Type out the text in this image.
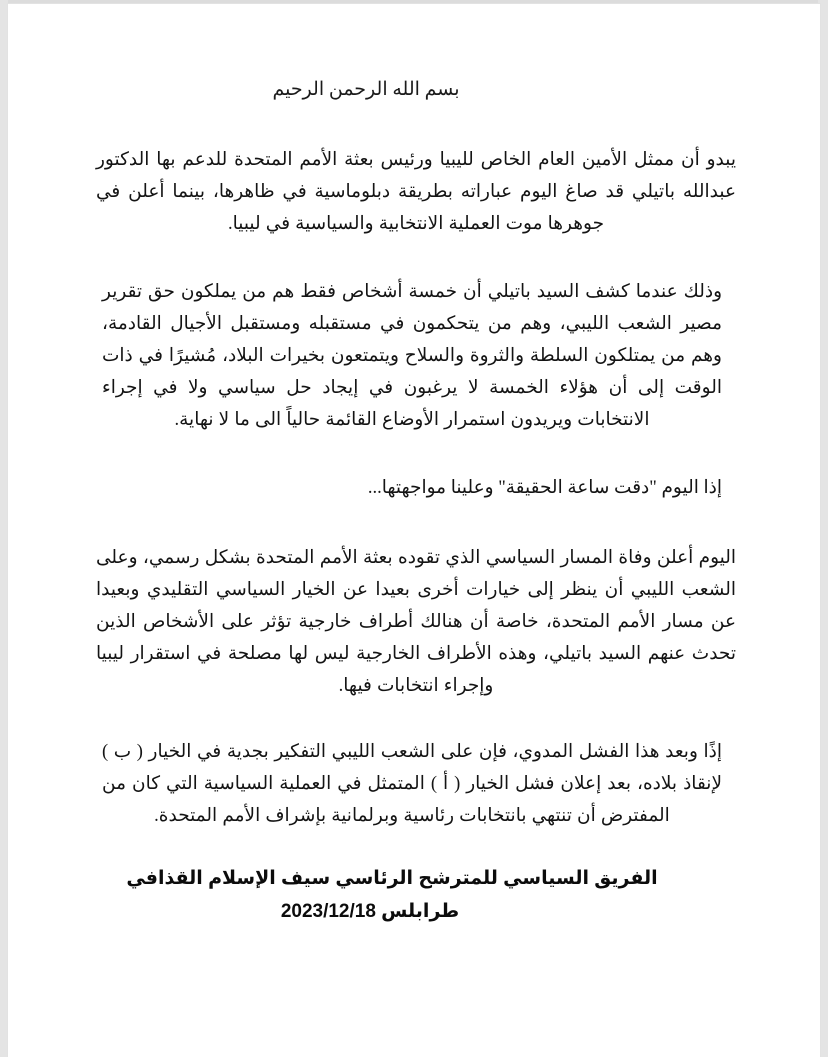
بسم الله الرحمن الرحيم

يبدو أن ممثل الأمين العام الخاص لليبيا ورئيس بعثة الأمم المتحدة للدعم بها الدكتور عبدالله باتيلي قد صاغ اليوم عباراته بطريقة دبلوماسية في ظاهرها، بينما أعلن في جوهرها موت العملية الانتخابية والسياسية في ليبيا.

وذلك عندما كشف السيد باتيلي أن خمسة أشخاص فقط هم من يملكون حق تقرير مصير الشعب الليبي، وهم من يتحكمون في مستقبله ومستقبل الأجيال القادمة، وهم من يمتلكون السلطة والثروة والسلاح ويتمتعون بخيرات البلاد، مُشيرًا في ذات الوقت إلى أن هؤلاء الخمسة لا يرغبون في إيجاد حل سياسي ولا في إجراء الانتخابات ويريدون استمرار الأوضاع القائمة حالياً الى ما لا نهاية.

إذا اليوم "دقت ساعة الحقيقة" وعلينا مواجهتها...

اليوم أعلن وفاة المسار السياسي الذي تقوده بعثة الأمم المتحدة بشكل رسمي، وعلى الشعب الليبي أن ينظر إلى خيارات أخرى بعيدا عن الخيار السياسي التقليدي وبعيدا عن مسار الأمم المتحدة، خاصة أن هنالك أطراف خارجية تؤثر على الأشخاص الذين تحدث عنهم السيد باتيلي، وهذه الأطراف الخارجية ليس لها مصلحة في استقرار ليبيا وإجراء انتخابات فيها.

إذًا وبعد هذا الفشل المدوي، فإن على الشعب الليبي التفكير بجدية في الخيار ( ب ) لإنقاذ بلاده، بعد إعلان فشل الخيار ( أ ) المتمثل في العملية السياسية التي كان من المفترض أن تنتهي بانتخابات رئاسية وبرلمانية بإشراف الأمم المتحدة.

الفريق السياسي للمترشح الرئاسي سيف الإسلام القذافي
طرابلس 2023/12/18
